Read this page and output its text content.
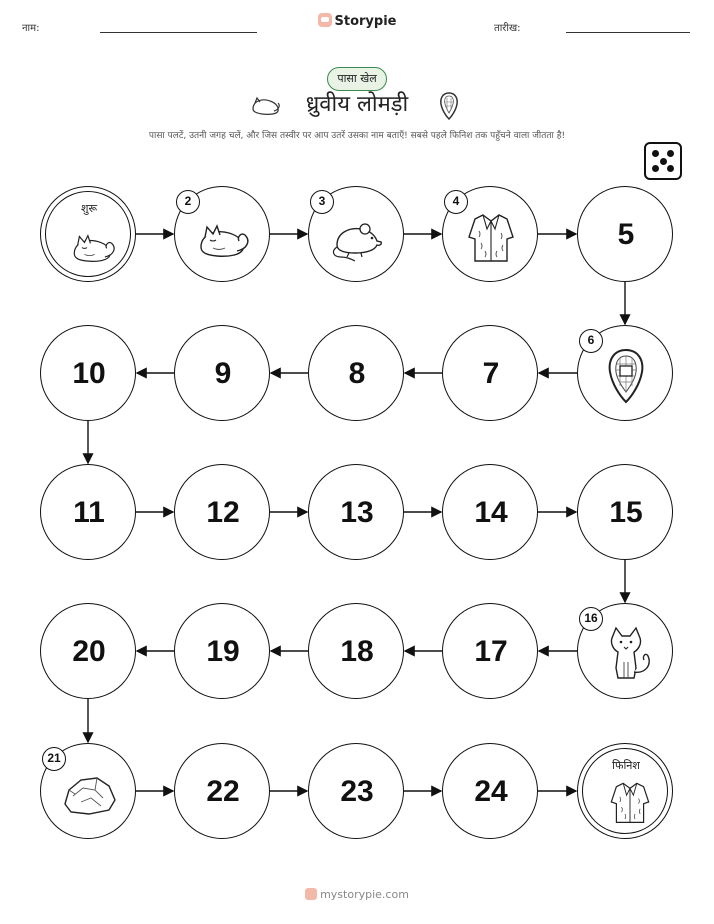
नाम:	Storypie	तारीख:
पासा खेल
ध्रुवीय लोमड़ी
पासा पलटें, उतनी जगह चलें, और जिस तस्वीर पर आप उतरें उसका नाम बताएँ! सबसे पहले फिनिश तक पहुँचने वाला जीतता है!
शुरू
2	3	4
5
6
7
8
9
10
11	12	13	14	15
16
17
18
19
20
21
22	23	24
फिनिश
mystorypie.com
